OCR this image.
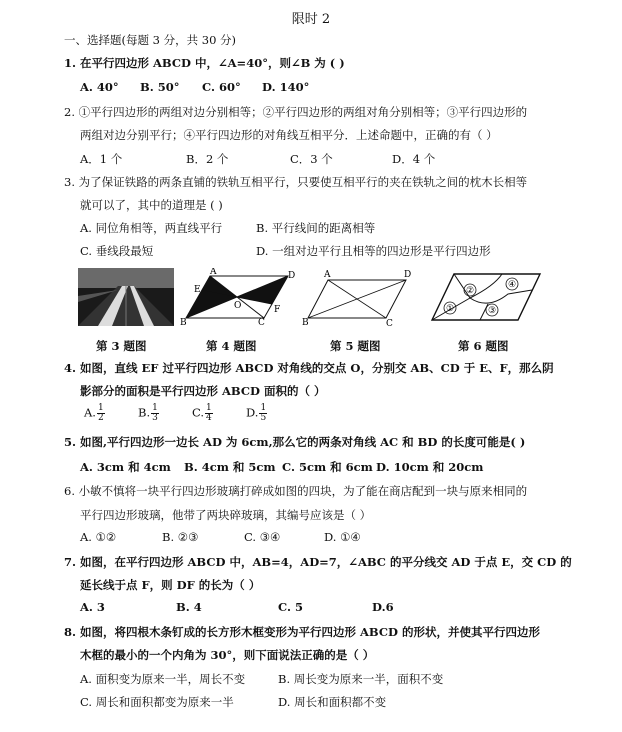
限时 2
一、选择题(每题 3 分，共 30 分)
1. 在平行四边形 ABCD 中，∠A=40°，则∠B 为 ( )
A. 40° B. 50° C. 60° D. 140°
2. ①平行四边形的两组对边分别相等；②平行四边形的两组对角分别相等；③平行四边形的
两组对边分别平行；④平行四边形的对角线互相平分．上述命题中，正确的有（ ）
A．1 个	B．2 个	C．3 个	D．4 个
3. 为了保证铁路的两条直铺的铁轨互相平行，只要使互相平行的夹在铁轨之间的枕木长相等
就可以了，其中的道理是 ( )
A. 同位角相等，两直线平行	B. 平行线间的距离相等
C. 垂线段最短	D. 一组对边平行且相等的四边形是平行四边形
A	D
E
O
B	C
F
A	D
B	C
②
④
①	③
第 3 题图	第 4 题图	第 5 题图	第 6 题图
4. 如图，直线 EF 过平行四边形 ABCD 对角线的交点 O，分别交 AB、CD 于 E、F，那么阴
影部分的面积是平行四边形 ABCD 面积的（ ）
A. $\frac{1}{2}$	B. $\frac{1}{3}$	C. $\frac{1}{4}$	D. $\frac{1}{5}$
5. 如图,平行四边形一边长 AD 为 6cm,那么它的两条对角线 AC 和 BD 的长度可能是( )
A. 3cm 和 4cm B. 4cm 和 5cm C. 5cm 和 6cm D. 10cm 和 20cm
6. 小敏不慎将一块平行四边形玻璃打碎成如图的四块，为了能在商店配到一块与原来相同的
平行四边形玻璃，他带了两块碎玻璃，其编号应该是（ ）
A. ①②	B. ②③	C. ③④	D. ①④
7. 如图，在平行四边形 ABCD 中，AB=4，AD=7，∠ABC 的平分线交 AD 于点 E，交 CD 的
延长线于点 F，则 DF 的长为（ ）
A. 3	B. 4	C. 5	D.6
8. 如图，将四根木条钉成的长方形木框变形为平行四边形 ABCD 的形状，并使其平行四边形
木框的最小的一个内角为 30°，则下面说法正确的是（ ）
A. 面积变为原来一半，周长不变	B. 周长变为原来一半，面积不变
C. 周长和面积都变为原来一半	D. 周长和面积都不变
